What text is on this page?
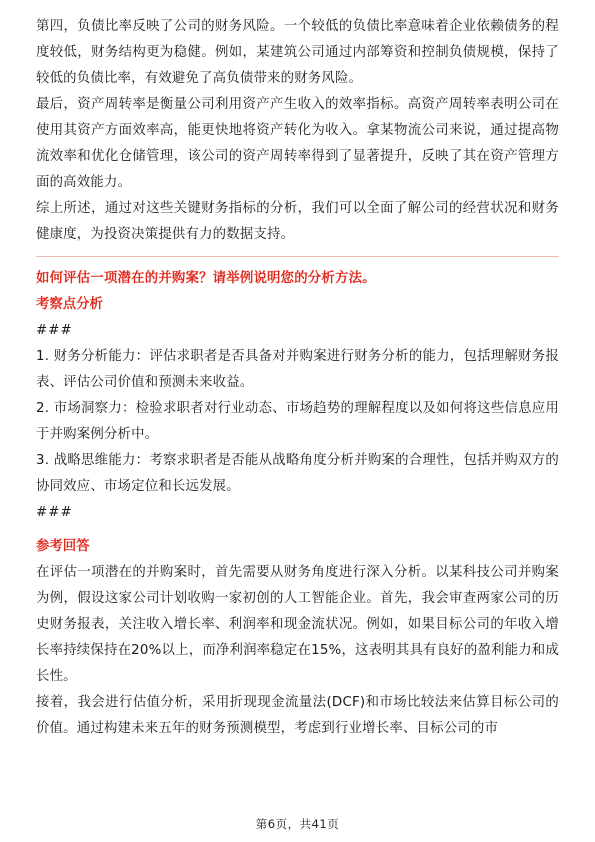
第四，负债比率反映了公司的财务风险。一个较低的负债比率意味着企业依赖债务的程度较低，财务结构更为稳健。例如，某建筑公司通过内部筹资和控制负债规模，保持了较低的负债比率，有效避免了高负债带来的财务风险。

最后，资产周转率是衡量公司利用资产产生收入的效率指标。高资产周转率表明公司在使用其资产方面效率高，能更快地将资产转化为收入。拿某物流公司来说，通过提高物流效率和优化仓储管理，该公司的资产周转率得到了显著提升，反映了其在资产管理方面的高效能力。

综上所述，通过对这些关键财务指标的分析，我们可以全面了解公司的经营状况和财务健康度，为投资决策提供有力的数据支持。

如何评估一项潜在的并购案？请举例说明您的分析方法。

考察点分析

###

1. 财务分析能力：评估求职者是否具备对并购案进行财务分析的能力，包括理解财务报表、评估公司价值和预测未来收益。

2. 市场洞察力：检验求职者对行业动态、市场趋势的理解程度以及如何将这些信息应用于并购案例分析中。

3. 战略思维能力：考察求职者是否能从战略角度分析并购案的合理性，包括并购双方的协同效应、市场定位和长远发展。

###

参考回答

在评估一项潜在的并购案时，首先需要从财务角度进行深入分析。以某科技公司并购案为例，假设这家公司计划收购一家初创的人工智能企业。首先，我会审查两家公司的历史财务报表，关注收入增长率、利润率和现金流状况。例如，如果目标公司的年收入增长率持续保持在20%以上，而净利润率稳定在15%，这表明其具有良好的盈利能力和成长性。

接着，我会进行估值分析，采用折现现金流量法(DCF)和市场比较法来估算目标公司的价值。通过构建未来五年的财务预测模型，考虑到行业增长率、目标公司的市

第6页，共41页
